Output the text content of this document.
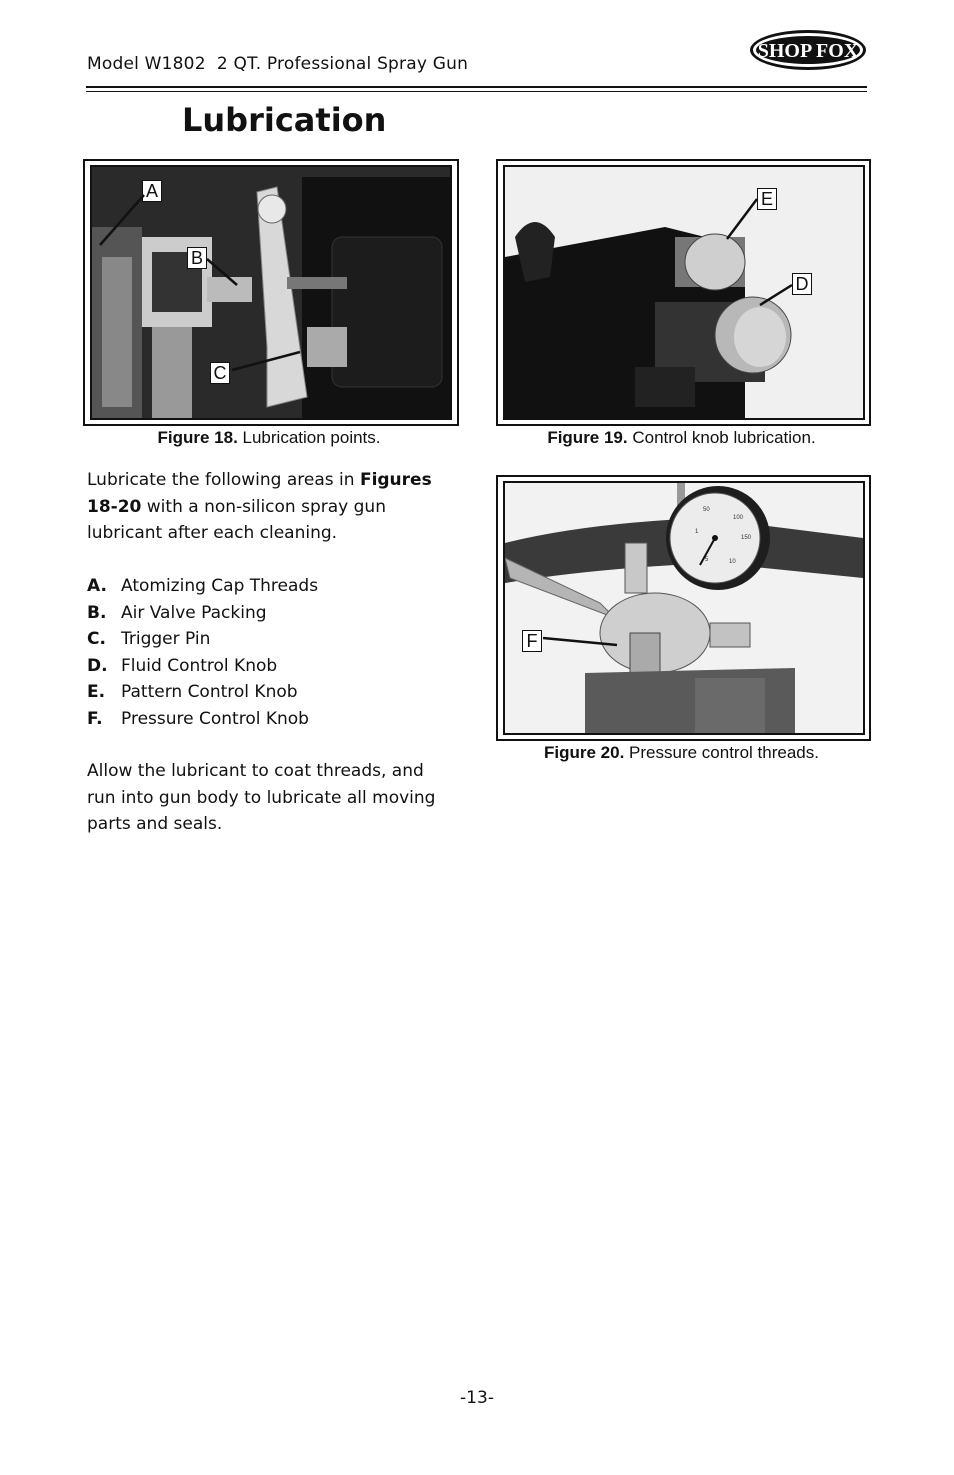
Model W1802  2 QT. Professional Spray Gun
SHOP FOX
WOODSTOCK
Lubrication
A
B
C
Figure 18. Lubrication points.
E
D
Figure 19. Control knob lubrication.
50
100
150
1
5	10
F
Figure 20. Pressure control threads.
Lubricate the following areas in Figures 18-20 with a non-silicon spray gun lubricant after each cleaning.
A. Atomizing Cap Threads
B. Air Valve Packing
C. Trigger Pin
D. Fluid Control Knob
E. Pattern Control Knob
F.	Pressure Control Knob
Allow the lubricant to coat threads, and run into gun body to lubricate all moving parts and seals.
-13-
